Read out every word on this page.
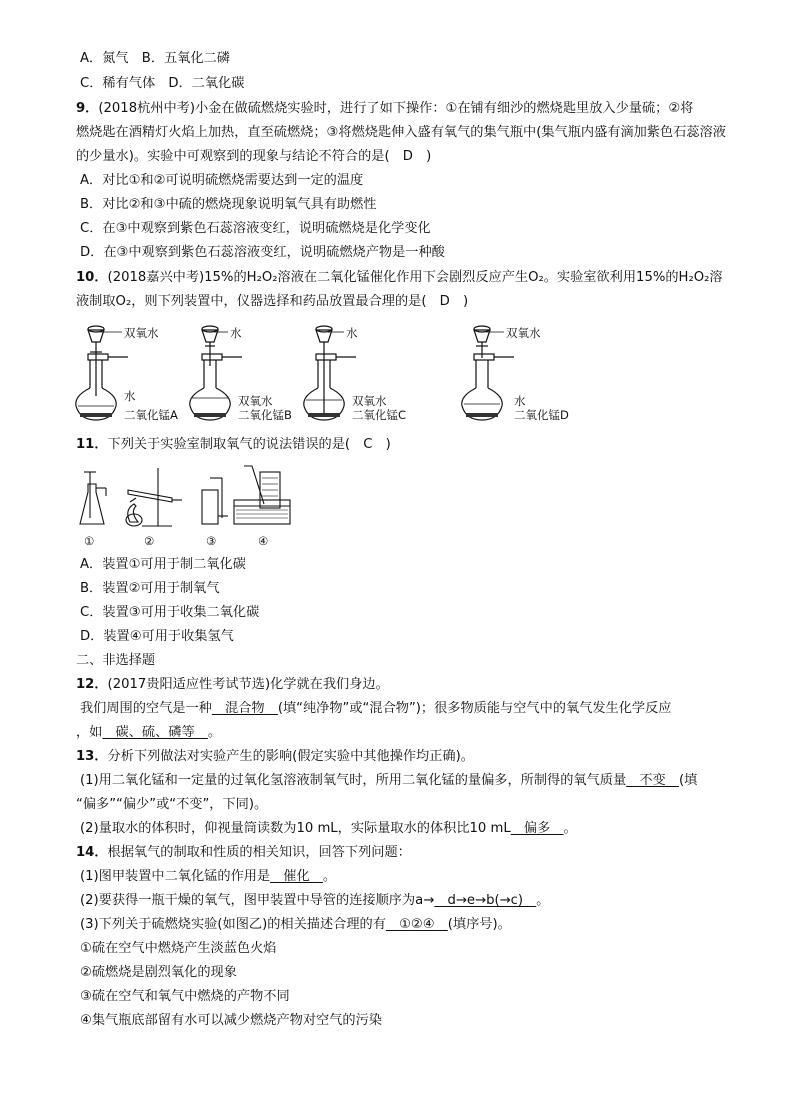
A．氮气　B．五氧化二磷
C．稀有气体　D．二氧化碳
9．(2018杭州中考)小金在做硫燃烧实验时，进行了如下操作：①在铺有细沙的燃烧匙里放入少量硫；②将
燃烧匙在酒精灯火焰上加热，直至硫燃烧；③将燃烧匙伸入盛有氧气的集气瓶中(集气瓶内盛有滴加紫色石蕊溶液
的少量水)。实验中可观察到的现象与结论不符合的是(　D　)
A．对比①和②可说明硫燃烧需要达到一定的温度
B．对比②和③中硫的燃烧现象说明氧气具有助燃性
C．在③中观察到紫色石蕊溶液变红，说明硫燃烧是化学变化
D．在③中观察到紫色石蕊溶液变红，说明硫燃烧产物是一种酸
10．(2018嘉兴中考)15%的H₂O₂溶液在二氧化锰催化作用下会剧烈反应产生O₂。实验室欲利用15%的H₂O₂溶
液制取O₂，则下列装置中，仪器选择和药品放置最合理的是(　D　)
双氧水
水
二氧化锰A
水
双氧水
二氧化锰B
水
双氧水
二氧化锰C
双氧水
水
二氧化锰D
11．下列关于实验室制取氧气的说法错误的是(　C　)
①	②	③	④
A．装置①可用于制二氧化碳
B．装置②可用于制氧气
C．装置③可用于收集二氧化碳
D．装置④可用于收集氢气
二、非选择题
12．(2017贵阳适应性考试节选)化学就在我们身边。
我们周围的空气是一种　混合物　(填“纯净物”或“混合物”)；很多物质能与空气中的氧气发生化学反应
，如　碳、硫、磷等　。
13．分析下列做法对实验产生的影响(假定实验中其他操作均正确)。
(1)用二氧化锰和一定量的过氧化氢溶液制氧气时，所用二氧化锰的量偏多，所制得的氧气质量　不变　(填
“偏多”“偏少”或“不变”，下同)。
(2)量取水的体积时，仰视量筒读数为10 mL，实际量取水的体积比10 mL　偏多　。
14．根据氧气的制取和性质的相关知识，回答下列问题：
(1)图甲装置中二氧化锰的作用是　催化　。
(2)要获得一瓶干燥的氧气，图甲装置中导管的连接顺序为a→　d→e→b(→c)　。
(3)下列关于硫燃烧实验(如图乙)的相关描述合理的有　①②④　(填序号)。
①硫在空气中燃烧产生淡蓝色火焰
②硫燃烧是剧烈氧化的现象
③硫在空气和氧气中燃烧的产物不同
④集气瓶底部留有水可以减少燃烧产物对空气的污染
